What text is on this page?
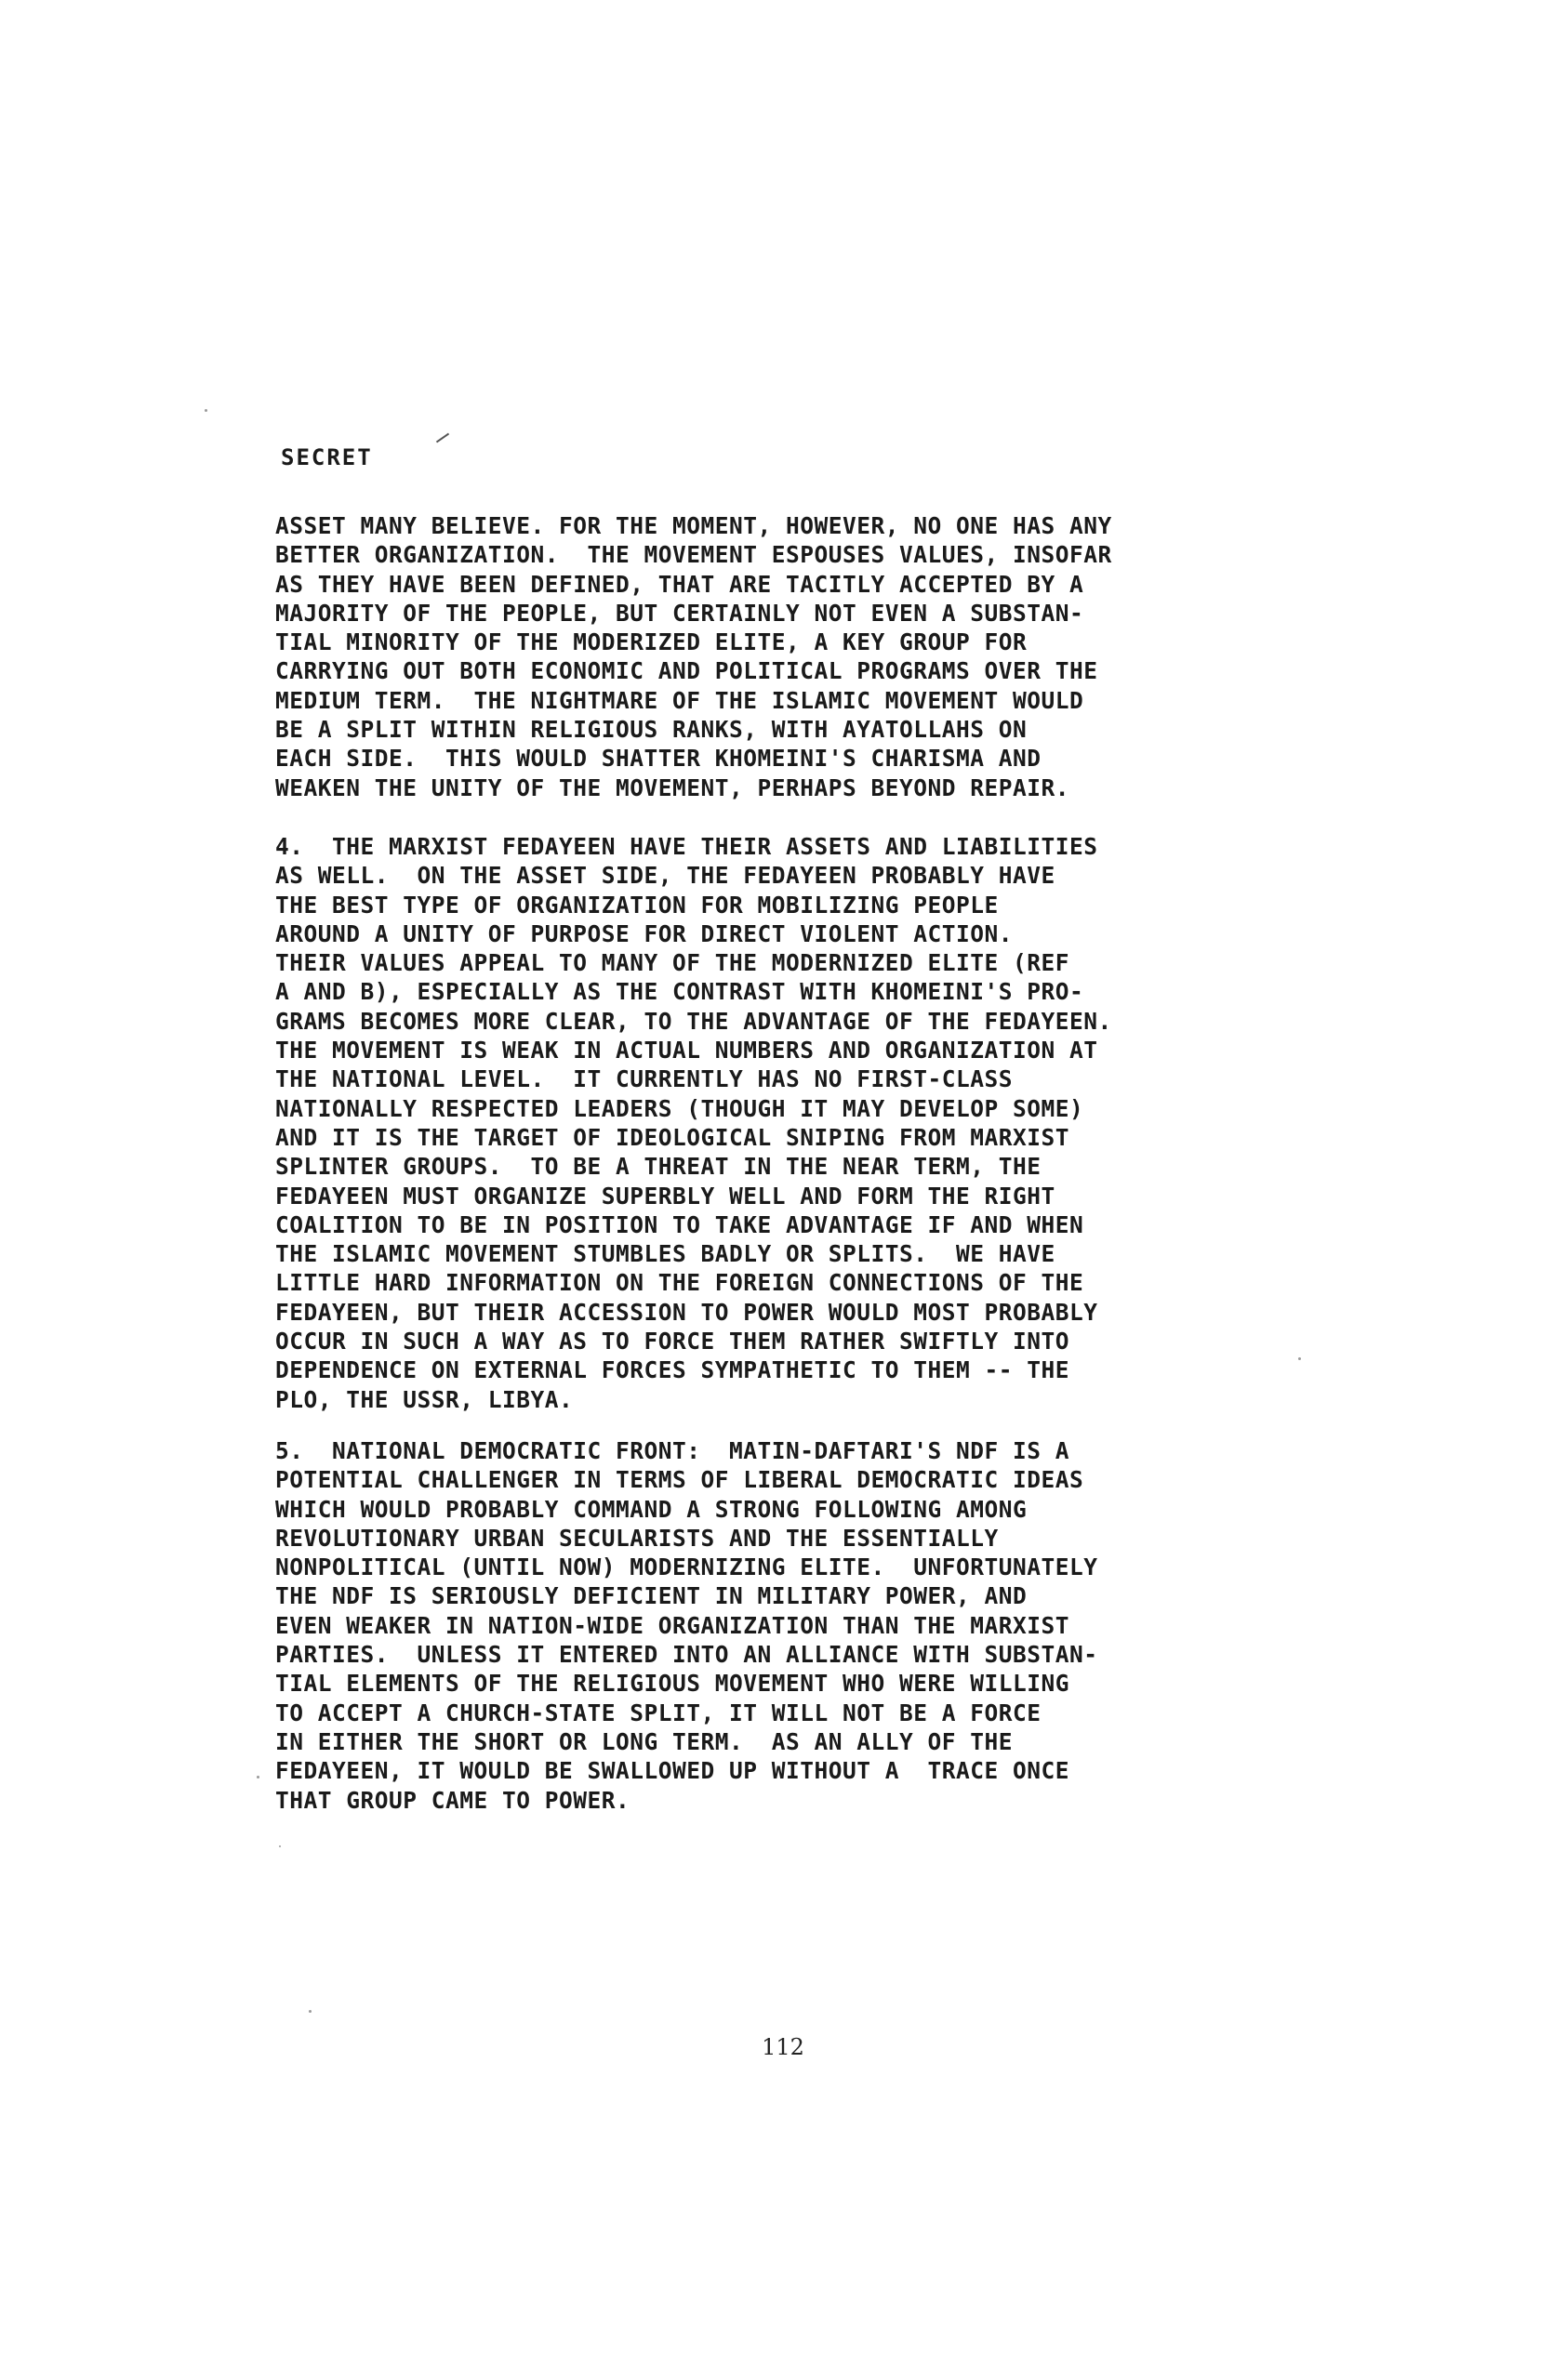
SECRET

ASSET MANY BELIEVE. FOR THE MOMENT, HOWEVER, NO ONE HAS ANY
BETTER ORGANIZATION.  THE MOVEMENT ESPOUSES VALUES, INSOFAR
AS THEY HAVE BEEN DEFINED, THAT ARE TACITLY ACCEPTED BY A
MAJORITY OF THE PEOPLE, BUT CERTAINLY NOT EVEN A SUBSTAN-
TIAL MINORITY OF THE MODERIZED ELITE, A KEY GROUP FOR
CARRYING OUT BOTH ECONOMIC AND POLITICAL PROGRAMS OVER THE
MEDIUM TERM.  THE NIGHTMARE OF THE ISLAMIC MOVEMENT WOULD
BE A SPLIT WITHIN RELIGIOUS RANKS, WITH AYATOLLAHS ON
EACH SIDE.  THIS WOULD SHATTER KHOMEINI'S CHARISMA AND
WEAKEN THE UNITY OF THE MOVEMENT, PERHAPS BEYOND REPAIR.

4.  THE MARXIST FEDAYEEN HAVE THEIR ASSETS AND LIABILITIES
AS WELL.  ON THE ASSET SIDE, THE FEDAYEEN PROBABLY HAVE
THE BEST TYPE OF ORGANIZATION FOR MOBILIZING PEOPLE
AROUND A UNITY OF PURPOSE FOR DIRECT VIOLENT ACTION.
THEIR VALUES APPEAL TO MANY OF THE MODERNIZED ELITE (REF
A AND B), ESPECIALLY AS THE CONTRAST WITH KHOMEINI'S PRO-
GRAMS BECOMES MORE CLEAR, TO THE ADVANTAGE OF THE FEDAYEEN.
THE MOVEMENT IS WEAK IN ACTUAL NUMBERS AND ORGANIZATION AT
THE NATIONAL LEVEL.  IT CURRENTLY HAS NO FIRST-CLASS
NATIONALLY RESPECTED LEADERS (THOUGH IT MAY DEVELOP SOME)
AND IT IS THE TARGET OF IDEOLOGICAL SNIPING FROM MARXIST
SPLINTER GROUPS.  TO BE A THREAT IN THE NEAR TERM, THE
FEDAYEEN MUST ORGANIZE SUPERBLY WELL AND FORM THE RIGHT
COALITION TO BE IN POSITION TO TAKE ADVANTAGE IF AND WHEN
THE ISLAMIC MOVEMENT STUMBLES BADLY OR SPLITS.  WE HAVE
LITTLE HARD INFORMATION ON THE FOREIGN CONNECTIONS OF THE
FEDAYEEN, BUT THEIR ACCESSION TO POWER WOULD MOST PROBABLY
OCCUR IN SUCH A WAY AS TO FORCE THEM RATHER SWIFTLY INTO
DEPENDENCE ON EXTERNAL FORCES SYMPATHETIC TO THEM -- THE
PLO, THE USSR, LIBYA.

5.  NATIONAL DEMOCRATIC FRONT:  MATIN-DAFTARI'S NDF IS A
POTENTIAL CHALLENGER IN TERMS OF LIBERAL DEMOCRATIC IDEAS
WHICH WOULD PROBABLY COMMAND A STRONG FOLLOWING AMONG
REVOLUTIONARY URBAN SECULARISTS AND THE ESSENTIALLY
NONPOLITICAL (UNTIL NOW) MODERNIZING ELITE.  UNFORTUNATELY
THE NDF IS SERIOUSLY DEFICIENT IN MILITARY POWER, AND
EVEN WEAKER IN NATION-WIDE ORGANIZATION THAN THE MARXIST
PARTIES.  UNLESS IT ENTERED INTO AN ALLIANCE WITH SUBSTAN-
TIAL ELEMENTS OF THE RELIGIOUS MOVEMENT WHO WERE WILLING
TO ACCEPT A CHURCH-STATE SPLIT, IT WILL NOT BE A FORCE
IN EITHER THE SHORT OR LONG TERM.  AS AN ALLY OF THE
FEDAYEEN, IT WOULD BE SWALLOWED UP WITHOUT A  TRACE ONCE
THAT GROUP CAME TO POWER.

112
